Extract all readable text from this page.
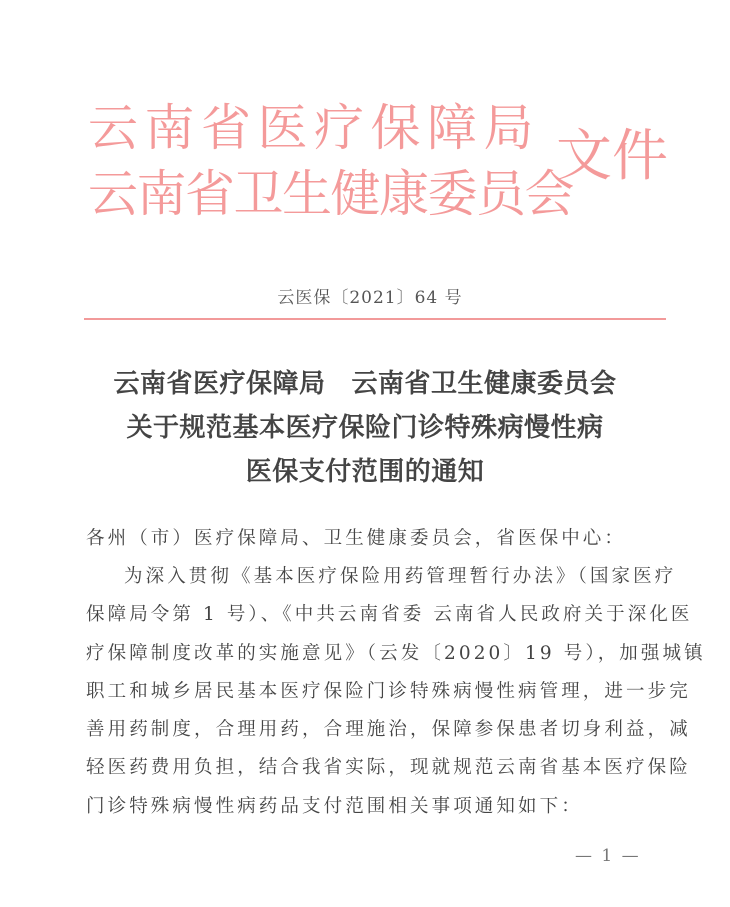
云南省医疗保障局
云南省卫生健康委员会
文件
云医保〔2021〕64 号
云南省医疗保障局 云南省卫生健康委员会
关于规范基本医疗保险门诊特殊病慢性病
医保支付范围的通知
各州（市）医疗保障局、卫生健康委员会，省医保中心：
为深入贯彻《基本医疗保险用药管理暂行办法》（国家医疗
保障局令第 1 号）、《中共云南省委 云南省人民政府关于深化医
疗保障制度改革的实施意见》（云发〔2020〕19 号），加强城镇
职工和城乡居民基本医疗保险门诊特殊病慢性病管理，进一步完
善用药制度，合理用药，合理施治，保障参保患者切身利益，减
轻医药费用负担，结合我省实际，现就规范云南省基本医疗保险
门诊特殊病慢性病药品支付范围相关事项通知如下：
— 1 —
